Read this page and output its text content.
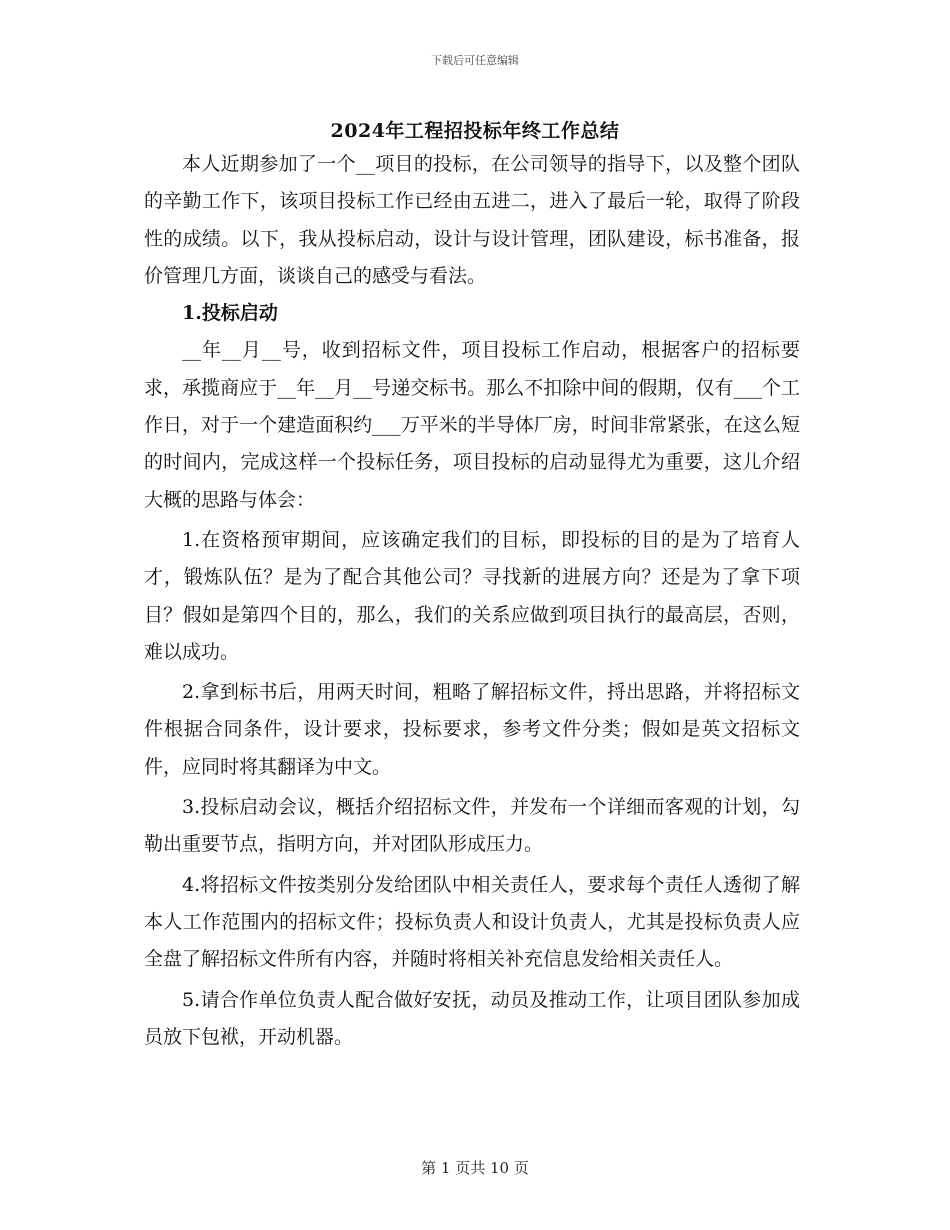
下载后可任意编辑
2024年工程招投标年终工作总结

本人近期参加了一个__项目的投标，在公司领导的指导下，以及整个团队的辛勤工作下，该项目投标工作已经由五进二，进入了最后一轮，取得了阶段性的成绩。以下，我从投标启动，设计与设计管理，团队建设，标书准备，报价管理几方面，谈谈自己的感受与看法。

1.投标启动

__年__月__号，收到招标文件，项目投标工作启动，根据客户的招标要求，承揽商应于__年__月__号递交标书。那么不扣除中间的假期，仅有___个工作日，对于一个建造面积约___万平米的半导体厂房，时间非常紧张，在这么短的时间内，完成这样一个投标任务，项目投标的启动显得尤为重要，这儿介绍大概的思路与体会：

1.在资格预审期间，应该确定我们的目标，即投标的目的是为了培育人才，锻炼队伍？是为了配合其他公司？寻找新的进展方向？还是为了拿下项目？假如是第四个目的，那么，我们的关系应做到项目执行的最高层，否则，难以成功。

2.拿到标书后，用两天时间，粗略了解招标文件，捋出思路，并将招标文件根据合同条件，设计要求，投标要求，参考文件分类；假如是英文招标文件，应同时将其翻译为中文。

3.投标启动会议，概括介绍招标文件，并发布一个详细而客观的计划，勾勒出重要节点，指明方向，并对团队形成压力。

4.将招标文件按类别分发给团队中相关责任人，要求每个责任人透彻了解本人工作范围内的招标文件；投标负责人和设计负责人，尤其是投标负责人应全盘了解招标文件所有内容，并随时将相关补充信息发给相关责任人。

5.请合作单位负责人配合做好安抚，动员及推动工作，让项目团队参加成员放下包袱，开动机器。

第 1 页共 10 页
